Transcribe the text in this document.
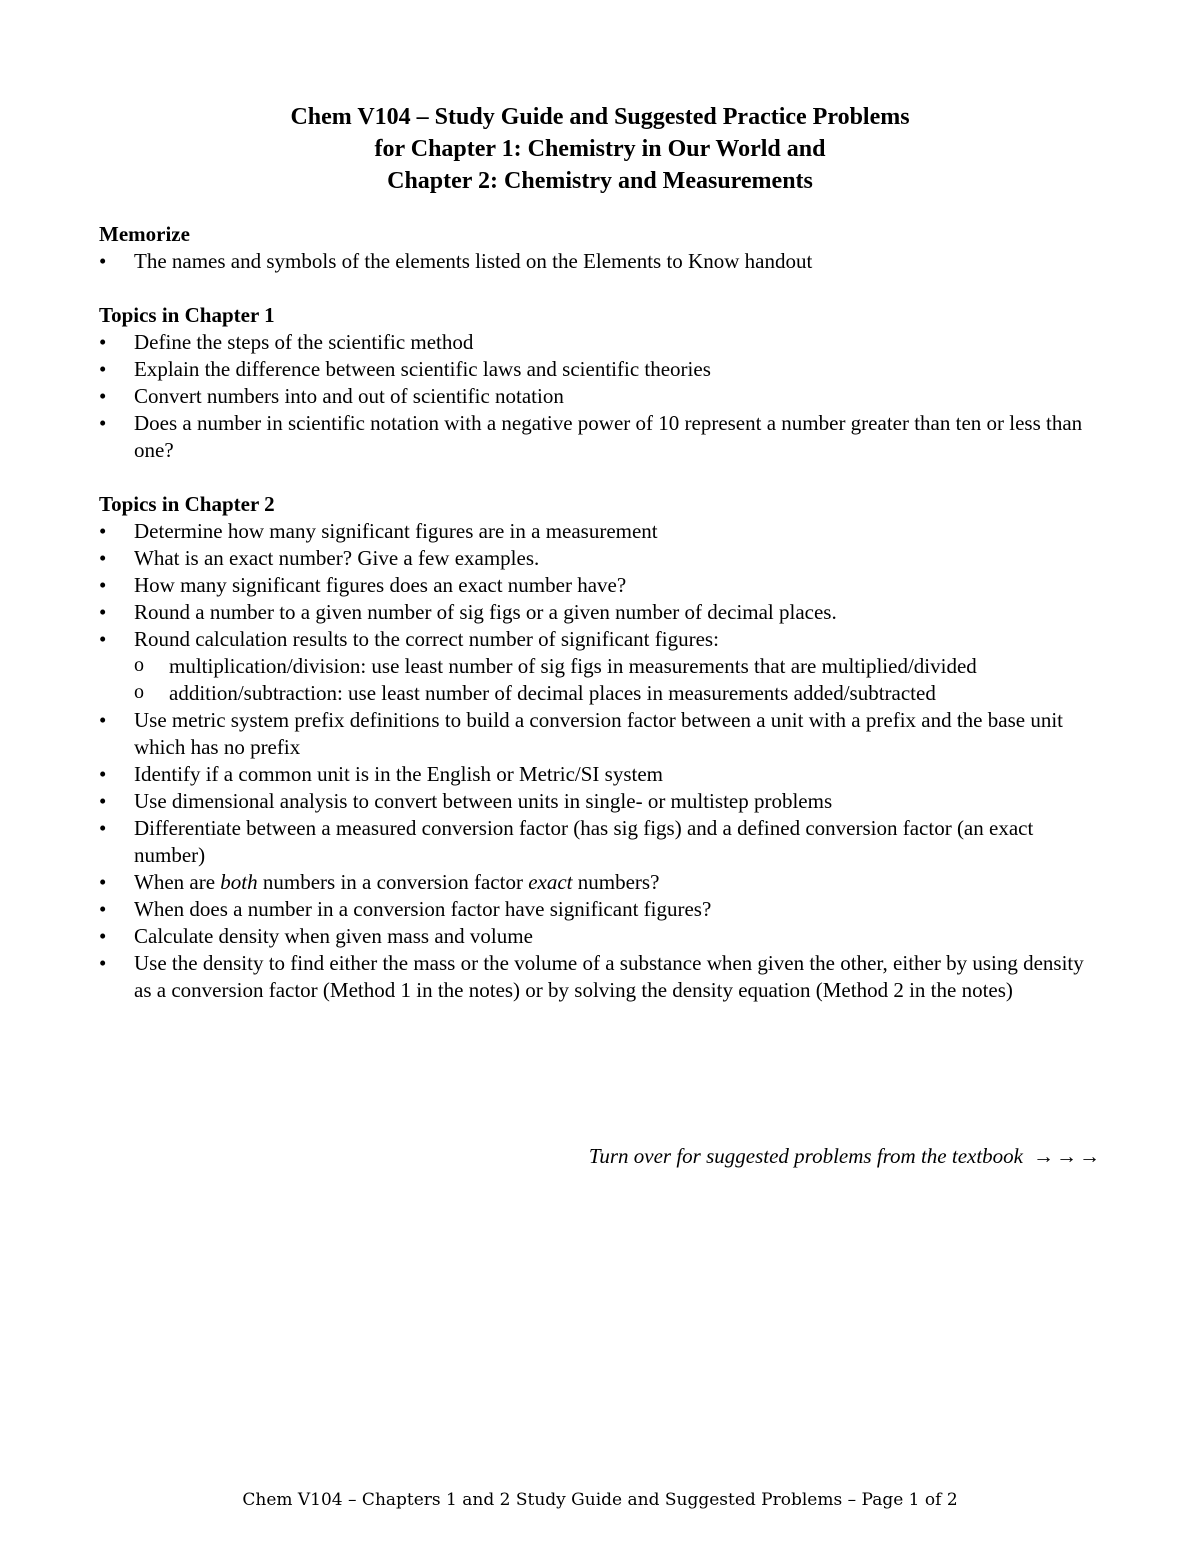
Chem V104 – Study Guide and Suggested Practice Problems
for Chapter 1: Chemistry in Our World and
Chapter 2: Chemistry and Measurements
Memorize
•	The names and symbols of the elements listed on the Elements to Know handout
Topics in Chapter 1
•	Define the steps of the scientific method
•	Explain the difference between scientific laws and scientific theories
•	Convert numbers into and out of scientific notation
•	Does a number in scientific notation with a negative power of 10 represent a number greater than ten or less than one?
Topics in Chapter 2
•	Determine how many significant figures are in a measurement
•	What is an exact number? Give a few examples.
•	How many significant figures does an exact number have?
•	Round a number to a given number of sig figs or a given number of decimal places.
•	Round calculation results to the correct number of significant figures:
o multiplication/division: use least number of sig figs in measurements that are multiplied/divided
o addition/subtraction: use least number of decimal places in measurements added/subtracted
•	Use metric system prefix definitions to build a conversion factor between a unit with a prefix and the base unit which has no prefix
•	Identify if a common unit is in the English or Metric/SI system
•	Use dimensional analysis to convert between units in single- or multistep problems
•	Differentiate between a measured conversion factor (has sig figs) and a defined conversion factor (an exact number)
•	When are both numbers in a conversion factor exact numbers?
•	When does a number in a conversion factor have significant figures?
•	Calculate density when given mass and volume
•	Use the density to find either the mass or the volume of a substance when given the other, either by using density as a conversion factor (Method 1 in the notes) or by solving the density equation (Method 2 in the notes)
Turn over for suggested problems from the textbook →→→
Chem V104 – Chapters 1 and 2 Study Guide and Suggested Problems – Page 1 of 2
